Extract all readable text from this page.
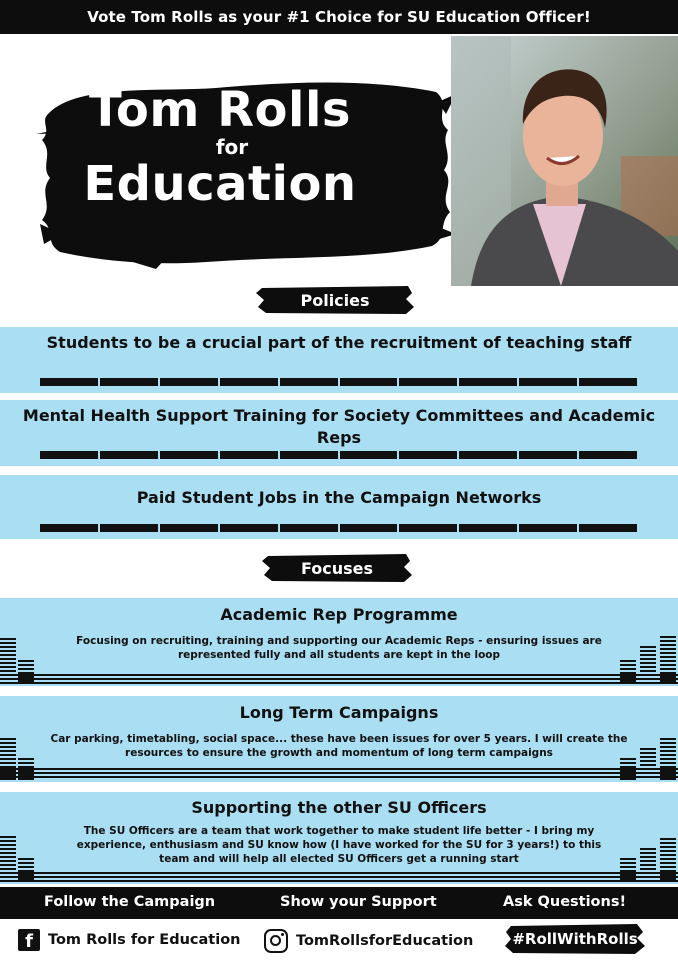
Vote Tom Rolls as your #1 Choice for SU Education Officer!
Tom Rolls
for
Education
Policies
Students to be a crucial part of the recruitment of teaching staff
Mental Health Support Training for Society Committees and Academic Reps
Paid Student Jobs in the Campaign Networks
Focuses
Academic Rep Programme
Focusing on recruiting, training and supporting our Academic Reps - ensuring issues are represented fully and all students are kept in the loop
Long Term Campaigns
Car parking, timetabling, social space... these have been issues for over 5 years. I will create the resources to ensure the growth and momentum of long term campaigns
Supporting the other SU Officers
The SU Officers are a team that work together to make student life better - I bring my experience, enthusiasm and SU know how (I have worked for the SU for 3 years!) to this team and will help all elected SU Officers get a running start
Follow the Campaign	Show your Support	Ask Questions!
f	Tom Rolls for Education	TomRollsforEducation	#RollWithRolls
